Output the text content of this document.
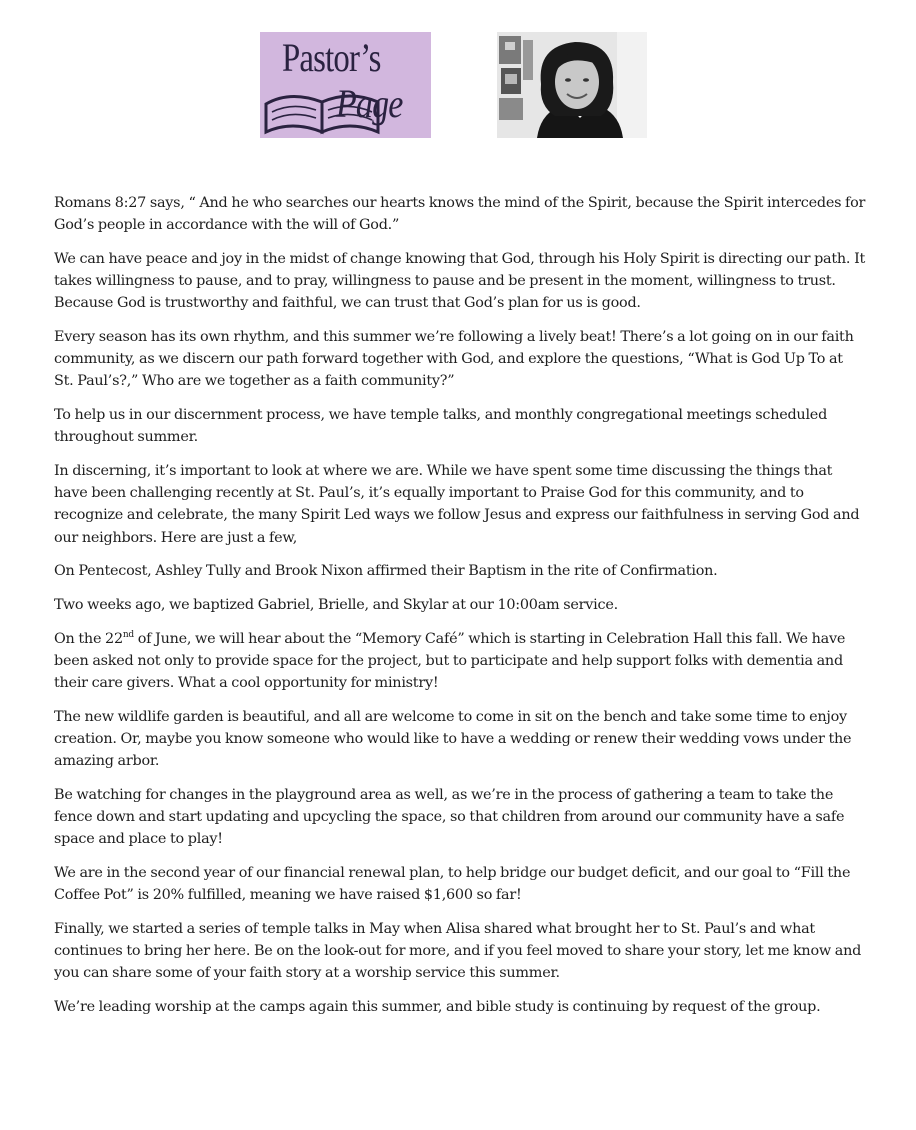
Pastor’s
Page

Romans 8:27 says, “ And he who searches our hearts knows the mind of the Spirit, because the Spirit intercedes for God’s people in accordance with the will of God.”

We can have peace and joy in the midst of change knowing that God, through his Holy Spirit is directing our path. It takes willingness to pause, and to pray, willingness to pause and be present in the moment, willingness to trust. Because God is trustworthy and faithful, we can trust that God’s plan for us is good.

Every season has its own rhythm, and this summer we’re following a lively beat! There’s a lot going on in our faith community, as we discern our path forward together with God, and explore the questions, “What is God Up To at St. Paul’s?,” Who are we together as a faith community?”

To help us in our discernment process, we have temple talks, and monthly congregational meetings scheduled throughout summer.

In discerning, it’s important to look at where we are. While we have spent some time discussing the things that have been challenging recently at St. Paul’s, it’s equally important to Praise God for this community, and to recognize and celebrate, the many Spirit Led ways we follow Jesus and express our faithfulness in serving God and our neighbors. Here are just a few,

On Pentecost, Ashley Tully and Brook Nixon affirmed their Baptism in the rite of Confirmation.

Two weeks ago, we baptized Gabriel, Brielle, and Skylar at our 10:00am service.

On the 22nd of June, we will hear about the “Memory Café” which is starting in Celebration Hall this fall. We have been asked not only to provide space for the project, but to participate and help support folks with dementia and their care givers. What a cool opportunity for ministry!

The new wildlife garden is beautiful, and all are welcome to come in sit on the bench and take some time to enjoy creation. Or, maybe you know someone who would like to have a wedding or renew their wedding vows under the amazing arbor.

Be watching for changes in the playground area as well, as we’re in the process of gathering a team to take the fence down and start updating and upcycling the space, so that children from around our community have a safe space and place to play!

We are in the second year of our financial renewal plan, to help bridge our budget deficit, and our goal to “Fill the Coffee Pot” is 20% fulfilled, meaning we have raised $1,600 so far!

Finally, we started a series of temple talks in May when Alisa shared what brought her to St. Paul’s and what continues to bring her here. Be on the look-out for more, and if you feel moved to share your story, let me know and you can share some of your faith story at a worship service this summer.

We’re leading worship at the camps again this summer, and bible study is continuing by request of the group.
